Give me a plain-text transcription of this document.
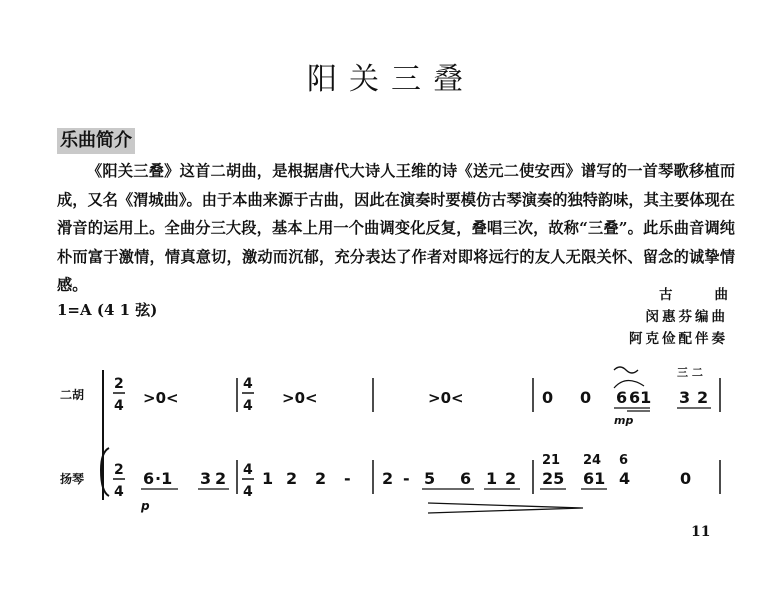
阳关三叠
乐曲简介

《阳关三叠》这首二胡曲，是根据唐代大诗人王维的诗《送元二使安西》谱写的一首琴歌移植而成，又名《渭城曲》。由于本曲来源于古曲，因此在演奏时要模仿古琴演奏的独特韵味，其主要体现在滑音的运用上。全曲分三大段，基本上用一个曲调变化反复，叠唱三次，故称“三叠”。此乐曲音调纯朴而富于激情，情真意切，激动而沉郁，充分表达了作者对即将远行的友人无限关怀、留念的诚挚情感。

1=A (4 1 弦)
古曲
闵惠芬编曲
阿克俭配伴奏
二胡
扬琴
2
4 >0<
4
4 >0<	>0<	0 0
三 二
6 61
mp
3 2
2
4
6 ·1
p
3 2 4
4
1 2 2 - 2 - 5 6 1 2
21
25
24
61
6
4	0
11
